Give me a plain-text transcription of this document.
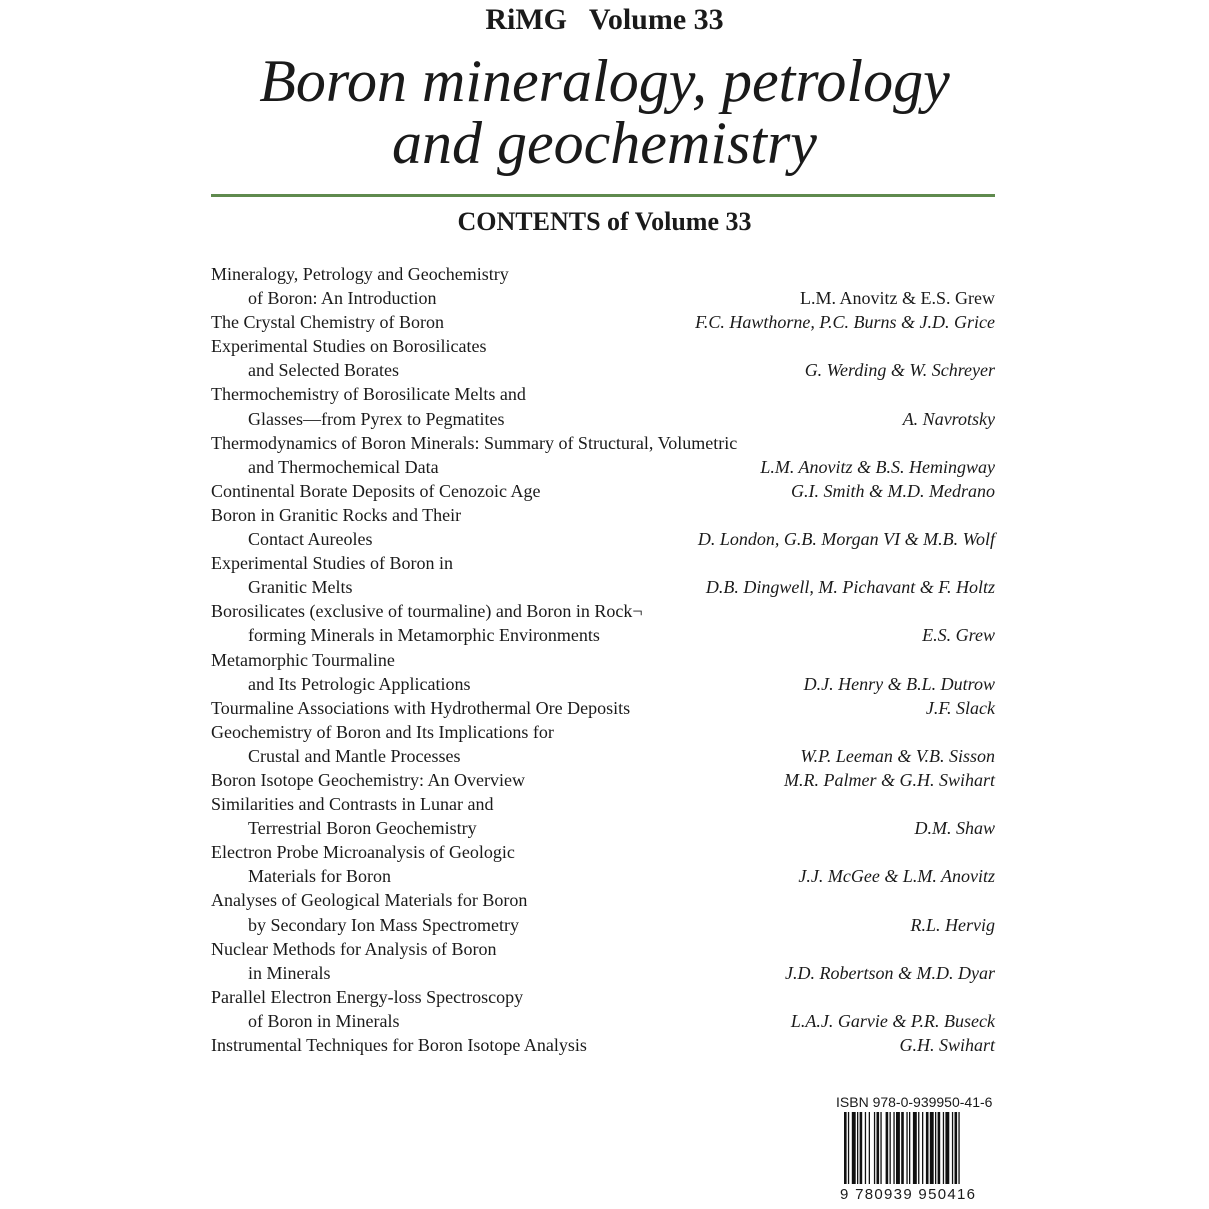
RiMG   Volume 33
Boron mineralogy, petrology
and geochemistry
CONTENTS of Volume 33
Mineralogy, Petrology and Geochemistry
of Boron: An Introduction	L.M. Anovitz & E.S. Grew
The Crystal Chemistry of Boron	F.C. Hawthorne, P.C. Burns & J.D. Grice
Experimental Studies on Borosilicates
and Selected Borates	G. Werding & W. Schreyer
Thermochemistry of Borosilicate Melts and
Glasses—from Pyrex to Pegmatites	A. Navrotsky
Thermodynamics of Boron Minerals: Summary of Structural, Volumetric
and Thermochemical Data	L.M. Anovitz & B.S. Hemingway
Continental Borate Deposits of Cenozoic Age	G.I. Smith & M.D. Medrano
Boron in Granitic Rocks and Their
Contact Aureoles	D. London, G.B. Morgan VI & M.B. Wolf
Experimental Studies of Boron in
Granitic Melts	D.B. Dingwell, M. Pichavant & F. Holtz
Borosilicates (exclusive of tourmaline) and Boron in Rock¬
forming Minerals in Metamorphic Environments	E.S. Grew
Metamorphic Tourmaline
and Its Petrologic Applications	D.J. Henry & B.L. Dutrow
Tourmaline Associations with Hydrothermal Ore Deposits	J.F. Slack
Geochemistry of Boron and Its Implications for
Crustal and Mantle Processes	W.P. Leeman & V.B. Sisson
Boron Isotope Geochemistry: An Overview	M.R. Palmer & G.H. Swihart
Similarities and Contrasts in Lunar and
Terrestrial Boron Geochemistry	D.M. Shaw
Electron Probe Microanalysis of Geologic
Materials for Boron	J.J. McGee & L.M. Anovitz
Analyses of Geological Materials for Boron
by Secondary Ion Mass Spectrometry	R.L. Hervig
Nuclear Methods for Analysis of Boron
in Minerals	J.D. Robertson & M.D. Dyar
Parallel Electron Energy-loss Spectroscopy
of Boron in Minerals	L.A.J. Garvie & P.R. Buseck
Instrumental Techniques for Boron Isotope Analysis	G.H. Swihart
ISBN 978-0-939950-41-6
9 780939 950416
